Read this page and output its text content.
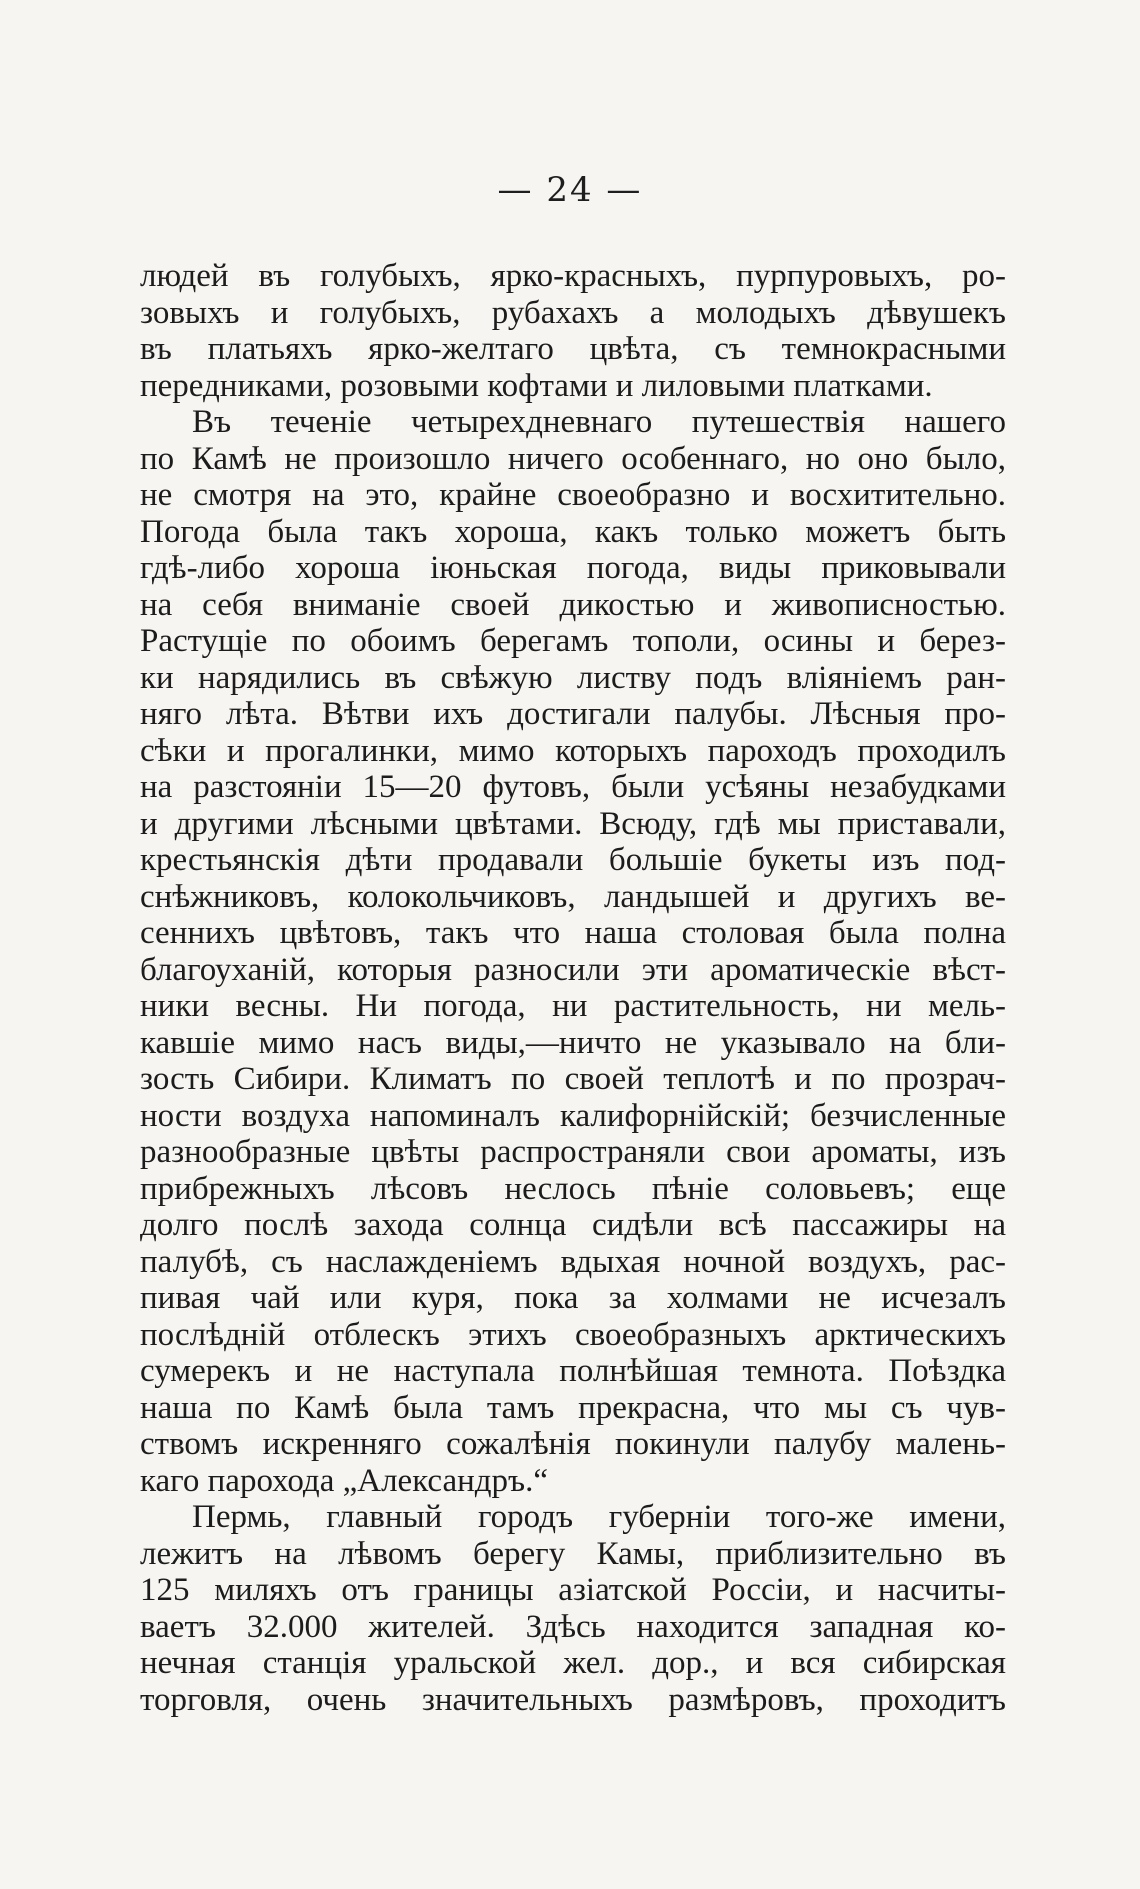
— 24 —
людей въ голубыхъ, ярко-красныхъ, пурпуровыхъ, ро-
зовыхъ и голубыхъ, рубахахъ а молодыхъ дѣвушекъ
въ платьяхъ ярко-желтаго цвѣта, съ темнокрасными
передниками, розовыми кофтами и лиловыми платками.
Въ теченіе четырехдневнаго путешествія нашего
по Камѣ не произошло ничего особеннаго, но оно было,
не смотря на это, крайне своеобразно и восхитительно.
Погода была такъ хороша, какъ только можетъ быть
гдѣ-либо хороша іюньская погода, виды приковывали
на себя вниманіе своей дикостью и живописностью.
Растущіе по обоимъ берегамъ тополи, осины и берез-
ки нарядились въ свѣжую листву подъ вліяніемъ ран-
няго лѣта. Вѣтви ихъ достигали палубы. Лѣсныя про-
сѣки и прогалинки, мимо которыхъ пароходъ проходилъ
на разстояніи 15—20 футовъ, были усѣяны незабудками
и другими лѣсными цвѣтами. Всюду, гдѣ мы приставали,
крестьянскія дѣти продавали большіе букеты изъ под-
снѣжниковъ, колокольчиковъ, ландышей и другихъ ве-
сеннихъ цвѣтовъ, такъ что наша столовая была полна
благоуханій, которыя разносили эти ароматическіе вѣст-
ники весны. Ни погода, ни растительность, ни мель-
кавшіе мимо насъ виды,—ничто не указывало на бли-
зость Сибири. Климатъ по своей теплотѣ и по прозрач-
ности воздуха напоминалъ калифорнійскій; безчисленные
разнообразные цвѣты распространяли свои ароматы, изъ
прибрежныхъ лѣсовъ неслось пѣніе соловьевъ; еще
долго послѣ захода солнца сидѣли всѣ пассажиры на
палубѣ, съ наслажденіемъ вдыхая ночной воздухъ, рас-
пивая чай или куря, пока за холмами не исчезалъ
послѣдній отблескъ этихъ своеобразныхъ арктическихъ
сумерекъ и не наступала полнѣйшая темнота. Поѣздка
наша по Камѣ была тамъ прекрасна, что мы съ чув-
ствомъ искренняго сожалѣнія покинули палубу малень-
каго парохода „Александръ.“
Пермь, главный городъ губерніи того-же имени,
лежитъ на лѣвомъ берегу Камы, приблизительно въ
125 миляхъ отъ границы азіатской Россіи, и насчиты-
ваетъ 32.000 жителей. Здѣсь находится западная ко-
нечная станція уральской жел. дор., и вся сибирская
торговля, очень значительныхъ размѣровъ, проходитъ
